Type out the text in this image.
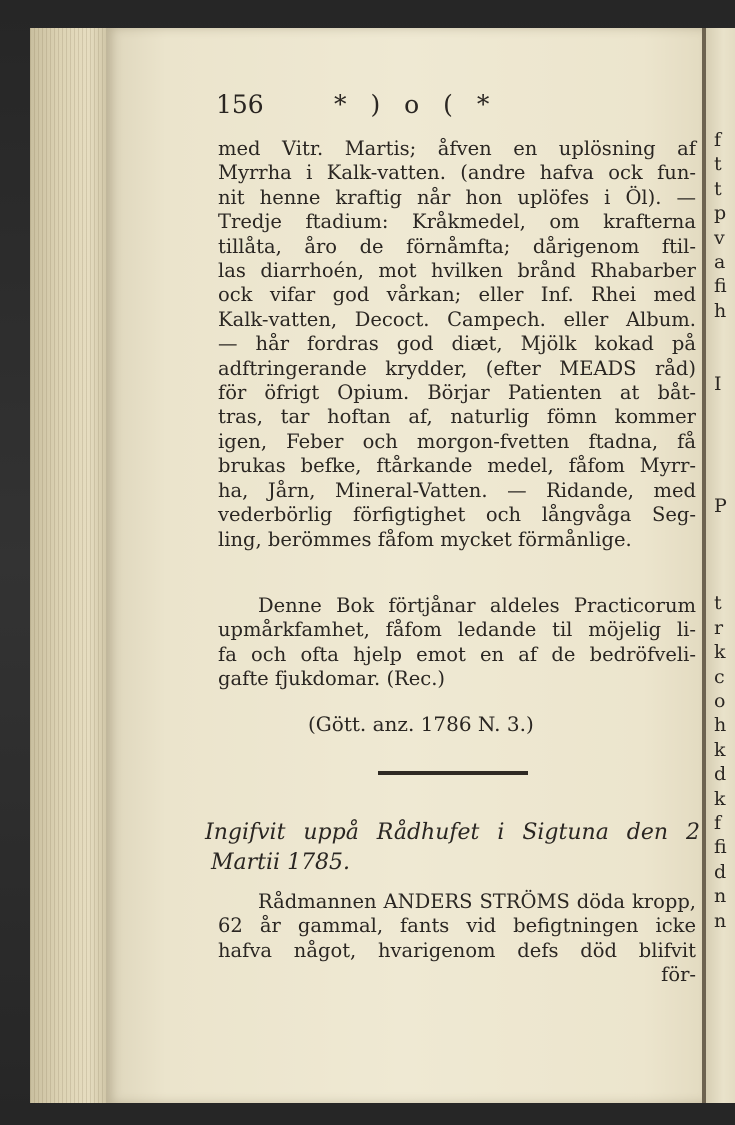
f
t
t
p
v
a
fi
h
I
P
t
r
k
c
o
h
k
d
k
f
fi
d
n
n
156	* ) o ( *
med Vitr. Martis; åfven en uplösning af
Myrrha i Kalk-vatten. (andre hafva ock fun-
nit henne kraftig når hon uplöfes i Öl). —
Tredje ftadium: Kråkmedel, om krafterna
tillåta, åro de förnåmfta; dårigenom ftil-
las diarrhoén, mot hvilken brånd Rhabarber
ock vifar god vårkan; eller Inf. Rhei med
Kalk-vatten, Decoct. Campech. eller Album.
— hår fordras god diæt, Mjölk kokad på
adftringerande krydder, (efter MEADS råd)
för öfrigt Opium. Börjar Patienten at båt-
tras, tar hoftan af, naturlig fömn kommer
igen, Feber och morgon-fvetten ftadna, få
brukas befke, ftårkande medel, fåfom Myrr-
ha, Jårn, Mineral-Vatten. — Ridande, med
vederbörlig förfigtighet och långvåga Seg-
ling, berömmes fåfom mycket förmånlige.
Denne Bok förtjånar aldeles Practicorum
upmårkfamhet, fåfom ledande til möjelig li-
fa och ofta hjelp emot en af de bedröfveli-
gafte fjukdomar. (Rec.)
(Gött. anz. 1786 N. 3.)
Ingifvit uppå Rådhufet i Sigtuna den 2
Martii 1785.
Rådmannen ANDERS STRÖMS döda kropp,
62 år gammal, fants vid befigtningen icke
hafva något, hvarigenom defs död blifvit
för-
